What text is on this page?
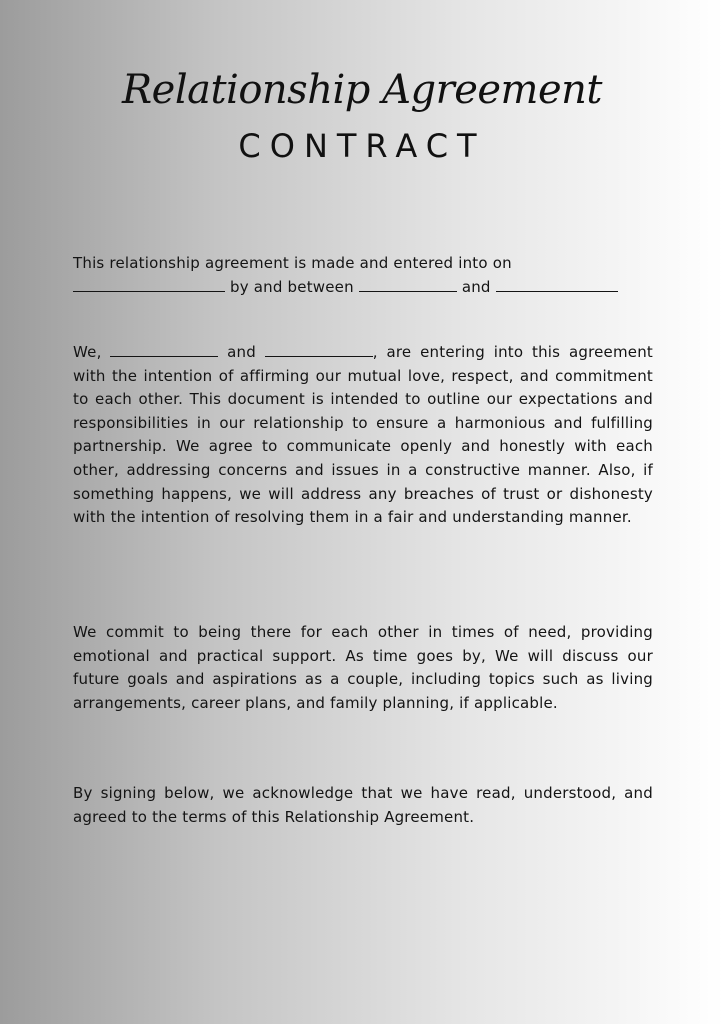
Relationship Agreement
CONTRACT
This relationship agreement is made and entered into on
by and between	and
We,	and	, are entering into this agreement with the intention of affirming our mutual love, respect, and commitment to each other. This document is intended to outline our expectations and responsibilities in our relationship to ensure a harmonious and fulfilling partnership. We agree to communicate openly and honestly with each other, addressing concerns and issues in a constructive manner. Also, if something happens, we will address any breaches of trust or dishonesty with the intention of resolving them in a fair and understanding manner.
We commit to being there for each other in times of need, providing emotional and practical support. As time goes by, We will discuss our future goals and aspirations as a couple, including topics such as living arrangements, career plans, and family planning, if applicable.
By signing below, we acknowledge that we have read, understood, and agreed to the terms of this Relationship Agreement.
